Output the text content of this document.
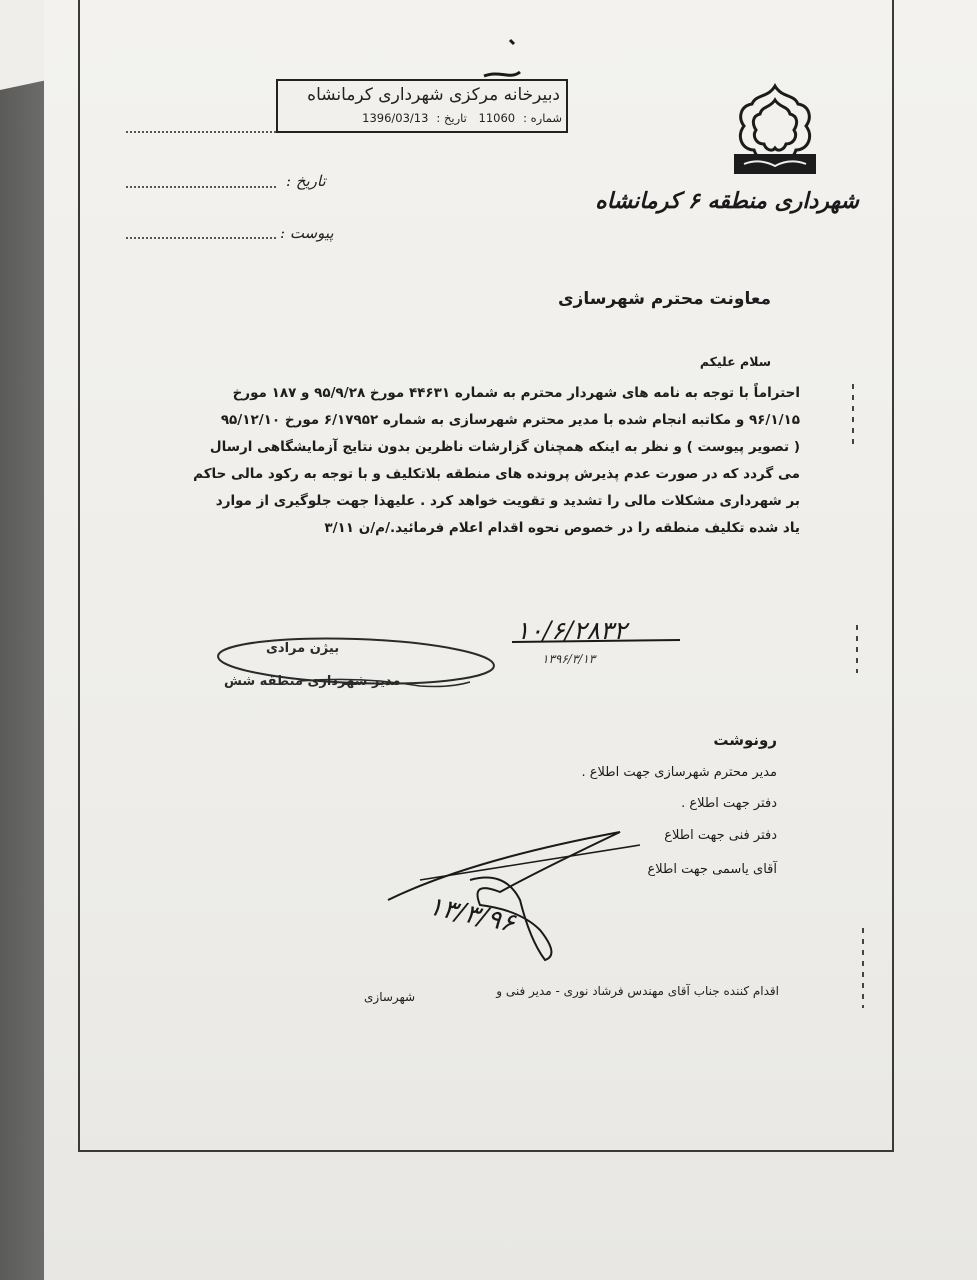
دبیرخانه مرکزی شهرداری کرمانشاه
شماره :11060 تاریخ :1396/03/13
تاریخ :
پیوست :
شهرداری منطقه ۶ کرمانشاه
معاونت محترم شهرسازی
سلام علیکم

احتراماً با توجه به نامه های شهردار محترم به شماره ۴۴۶۳۱ مورخ ۹۵/۹/۲۸ و ۱۸۷ مورخ

۹۶/۱/۱۵ و مکاتبه انجام شده با مدیر محترم شهرسازی به شماره ۶/۱۷۹۵۲ مورخ ۹۵/۱۲/۱۰

( تصویر پیوست ) و نظر به اینکه همچنان گزارشات ناظرین بدون نتایج آزمایشگاهی ارسال

می گردد که در صورت عدم پذیرش پرونده های منطقه بلاتکلیف و با توجه به رکود مالی حاکم

بر شهرداری مشکلات مالی را تشدید و تقویت خواهد کرد . علیهذا جهت جلوگیری از موارد

یاد شده تکلیف منطقه را در خصوص نحوه اقدام اعلام فرمائید./م/ن ۳/۱۱

۱۰/۶/۲۸۳۲
۱۳۹۶/۳/۱۳
بیژن مرادی
مدیر شهرداری منطقه شش
رونوشت
مدیر محترم شهرسازی جهت اطلاع .
دفتر جهت اطلاع .
دفتر فنی جهت اطلاع
آقای یاسمی جهت اطلاع
۱۳/۳/۹۶
اقدام کننده جناب آقای مهندس فرشاد نوری - مدیر فنی و
شهرسازی
